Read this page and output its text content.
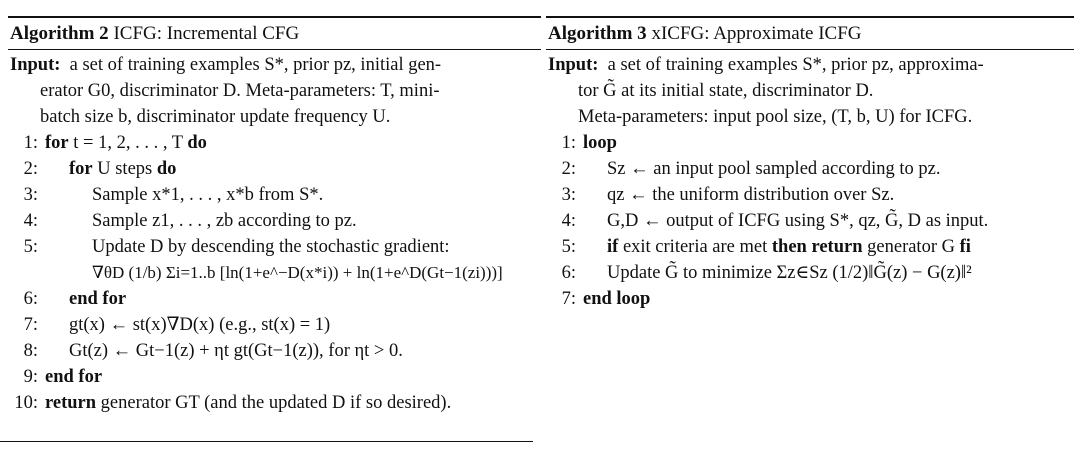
Algorithm 2 ICFG: Incremental CFG
Input: a set of training examples S*, prior pz, initial gen-
erator G0, discriminator D. Meta-parameters: T, mini-
batch size b, discriminator update frequency U.
1: for t = 1, 2, . . . , T do
2: for U steps do
3:	Sample x*1, . . . , x*b from S*.
4:	Sample z1, . . . , zb according to pz.
5:	Update D by descending the stochastic gradient:
∇θD (1/b) Σi=1..b [ln(1+e^−D(x*i)) + ln(1+e^D(Gt−1(zi)))]
6: end for
7: gt(x) ← st(x)∇D(x) (e.g., st(x) = 1)
8: Gt(z) ← Gt−1(z) + ηt gt(Gt−1(z)), for ηt > 0.
9: end for
10: return generator GT (and the updated D if so desired).
Algorithm 3 xICFG: Approximate ICFG
Input: a set of training examples S*, prior pz, approxima-
tor G̃ at its initial state, discriminator D.
Meta-parameters: input pool size, (T, b, U) for ICFG.
1: loop
2: Sz ← an input pool sampled according to pz.
3: qz ← the uniform distribution over Sz.
4: G,D ← output of ICFG using S*, qz, G̃, D as input.
5: if exit criteria are met then return generator G fi
6: Update G̃ to minimize Σz∈Sz (1/2)‖G̃(z) − G(z)‖²
7: end loop
